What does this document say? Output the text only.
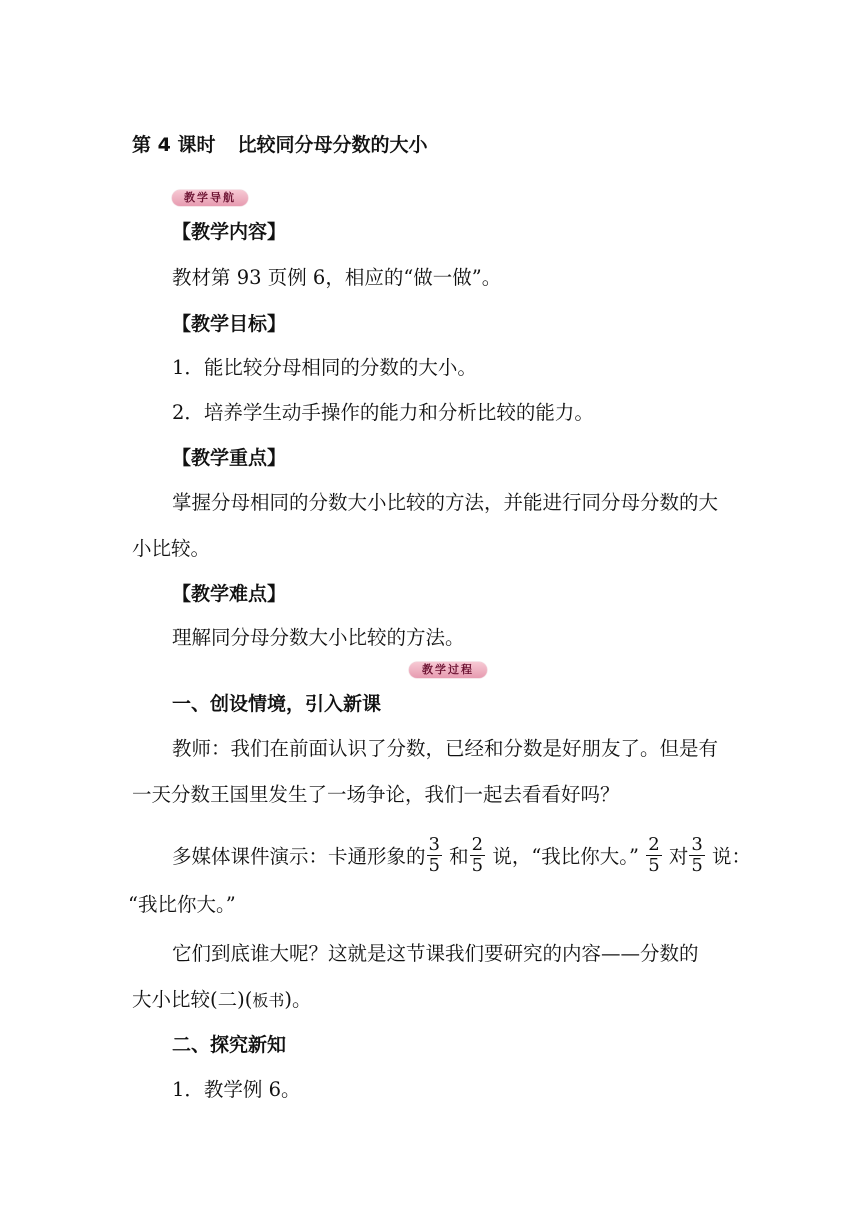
第 4 课时 比较同分母分数的大小
教学导航
【教学内容】
教材第 93 页例 6，相应的“做一做”。
【教学目标】
1．能比较分母相同的分数的大小。
2．培养学生动手操作的能力和分析比较的能力。
【教学重点】
掌握分母相同的分数大小比较的方法，并能进行同分母分数的大
小比较。
【教学难点】
理解同分母分数大小比较的方法。
教学过程
一、创设情境，引入新课
教师：我们在前面认识了分数，已经和分数是好朋友了。但是有
一天分数王国里发生了一场争论，我们一起去看看好吗？
多媒体课件演示：卡通形象的 $\frac{3}{5}$ 和 $\frac{2}{5}$ 说，“我比你大。” $\frac{2}{5}$ 对 $\frac{3}{5}$ 说：
“我比你大。”
它们到底谁大呢？这就是这节课我们要研究的内容——分数的
大小比较(二)(板书)。
二、探究新知
1．教学例 6。
